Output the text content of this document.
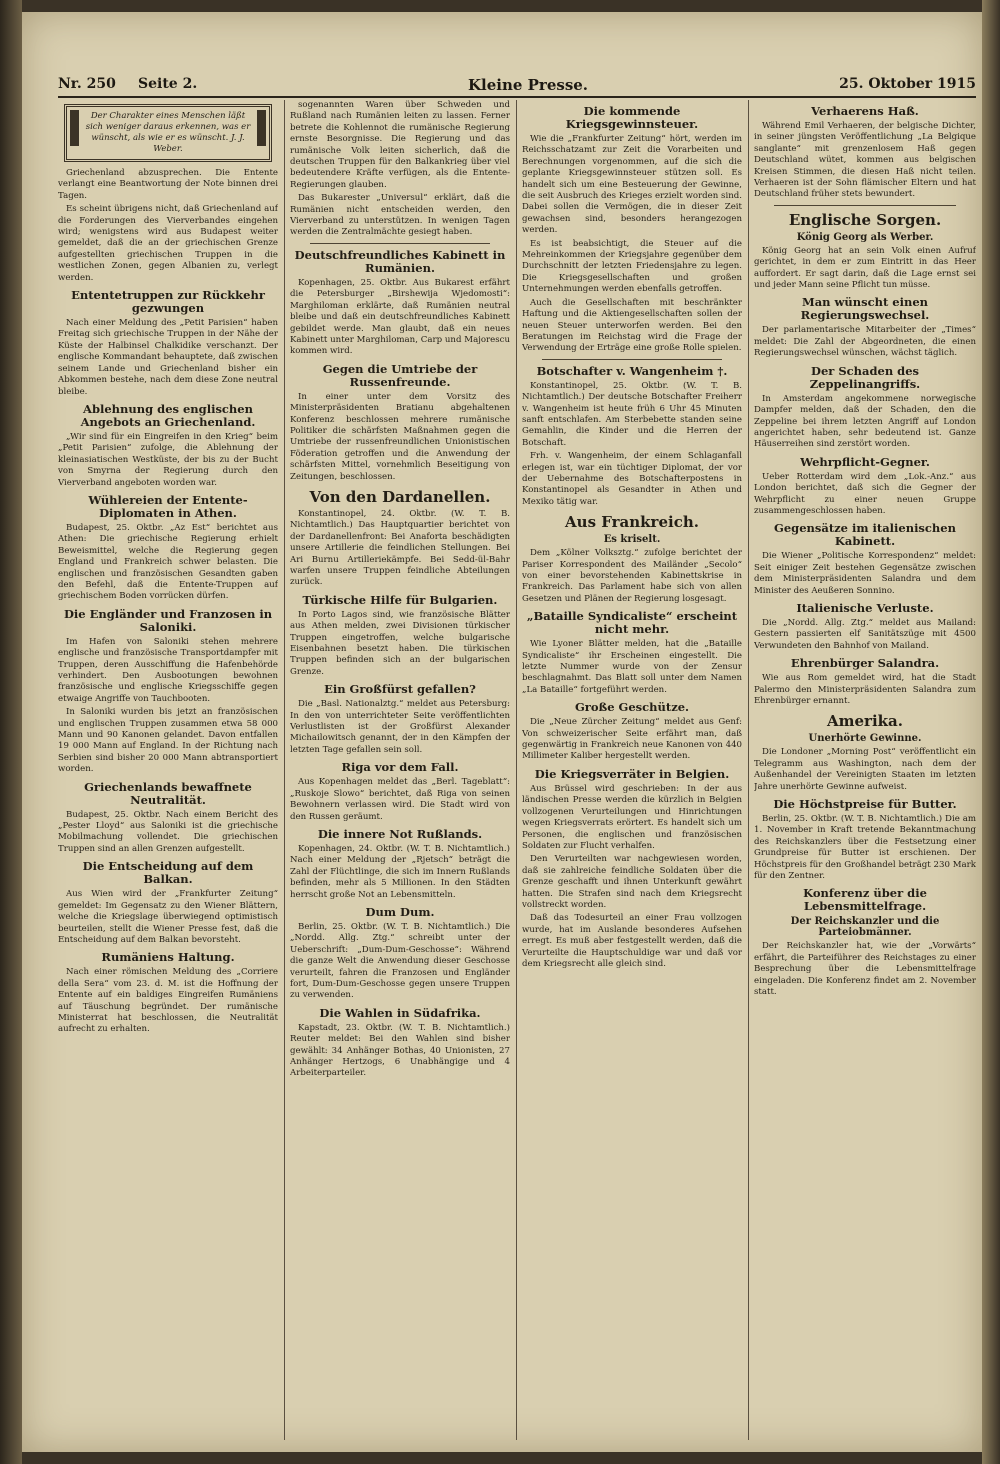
Nr. 250 Seite 2.	Kleine Presse.	25. Oktober 1915
Der Charakter eines Menschen läßt sich weniger daraus erkennen, was er wünscht, als wie er es wünscht. J. J. Weber.

Griechenland abzusprechen. Die Entente verlangt eine Beantwortung der Note binnen drei Tagen.

Es scheint übrigens nicht, daß Griechenland auf die Forderungen des Vierverbandes eingehen wird; wenigstens wird aus Budapest weiter gemeldet, daß die an der griechischen Grenze aufgestellten griechischen Truppen in die westlichen Zonen, gegen Albanien zu, verlegt werden.

Ententetruppen zur Rückkehr gezwungen

Nach einer Meldung des „Petit Parisien“ haben Freitag sich griechische Truppen in der Nähe der Küste der Halbinsel Chalkidike verschanzt. Der englische Kommandant behauptete, daß zwischen seinem Lande und Griechenland bisher ein Abkommen bestehe, nach dem diese Zone neutral bleibe.

Ablehnung des englischen Angebots an Griechenland.

„Wir sind für ein Eingreifen in den Krieg“ beim „Petit Parisien“ zufolge, die Ablehnung der kleinasiatischen Westküste, der bis zu der Bucht von Smyrna der Regierung durch den Vierverband angeboten worden war.

Wühlereien der Entente-Diplomaten in Athen.

Budapest, 25. Oktbr. „Az Est“ berichtet aus Athen: Die griechische Regierung erhielt Beweismittel, welche die Regierung gegen England und Frankreich schwer belasten. Die englischen und französischen Gesandten gaben den Befehl, daß die Entente-Truppen auf griechischem Boden vorrücken dürfen.

Die Engländer und Franzosen in Saloniki.

Im Hafen von Saloniki stehen mehrere englische und französische Transportdampfer mit Truppen, deren Ausschiffung die Hafenbehörde verhindert. Den Ausbootungen bewohnen französische und englische Kriegsschiffe gegen etwaige Angriffe von Tauchbooten.

In Saloniki wurden bis jetzt an französischen und englischen Truppen zusammen etwa 58 000 Mann und 90 Kanonen gelandet. Davon entfallen 19 000 Mann auf England. In der Richtung nach Serbien sind bisher 20 000 Mann abtransportiert worden.

Griechenlands bewaffnete Neutralität.

Budapest, 25. Oktbr. Nach einem Bericht des „Pester Lloyd“ aus Saloniki ist die griechische Mobilmachung vollendet. Die griechischen Truppen sind an allen Grenzen aufgestellt.

Die Entscheidung auf dem Balkan.

Aus Wien wird der „Frankfurter Zeitung“ gemeldet: Im Gegensatz zu den Wiener Blättern, welche die Kriegslage überwiegend optimistisch beurteilen, stellt die Wiener Presse fest, daß die Entscheidung auf dem Balkan bevorsteht.

Rumäniens Haltung.

Nach einer römischen Meldung des „Corriere della Sera“ vom 23. d. M. ist die Hoffnung der Entente auf ein baldiges Eingreifen Rumäniens auf Täuschung begründet. Der rumänische Ministerrat hat beschlossen, die Neutralität aufrecht zu erhalten.

sogenannten Waren über Schweden und Rußland nach Rumänien leiten zu lassen. Ferner betrete die Kohlennot die rumänische Regierung ernste Besorgnisse. Die Regierung und das rumänische Volk leiten sicherlich, daß die deutschen Truppen für den Balkankrieg über viel bedeutendere Kräfte verfügen, als die Entente-Regierungen glauben.

Das Bukarester „Universul“ erklärt, daß die Rumänien nicht entscheiden werden, den Vierverband zu unterstützen. In wenigen Tagen werden die Zentralmächte gesiegt haben.

Deutschfreundliches Kabinett in Rumänien.

Kopenhagen, 25. Oktbr. Aus Bukarest erfährt die Petersburger „Birshewija Wjedomosti“: Marghiloman erklärte, daß Rumänien neutral bleibe und daß ein deutschfreundliches Kabinett gebildet werde. Man glaubt, daß ein neues Kabinett unter Marghiloman, Carp und Majorescu kommen wird.

Gegen die Umtriebe der Russenfreunde.

In einer unter dem Vorsitz des Ministerpräsidenten Bratianu abgehaltenen Konferenz beschlossen mehrere rumänische Politiker die schärfsten Maßnahmen gegen die Umtriebe der russenfreundlichen Unionistischen Föderation getroffen und die Anwendung der schärfsten Mittel, vornehmlich Beseitigung von Zeitungen, beschlossen.

Von den Dardanellen.

Konstantinopel, 24. Oktbr. (W. T. B. Nichtamtlich.) Das Hauptquartier berichtet von der Dardanellenfront: Bei Anaforta beschädigten unsere Artillerie die feindlichen Stellungen. Bei Ari Burnu Artilleriekämpfe. Bei Sedd-ül-Bahr warfen unsere Truppen feindliche Abteilungen zurück.

Türkische Hilfe für Bulgarien.

In Porto Lagos sind, wie französische Blätter aus Athen melden, zwei Divisionen türkischer Truppen eingetroffen, welche bulgarische Eisenbahnen besetzt haben. Die türkischen Truppen befinden sich an der bulgarischen Grenze.

Ein Großfürst gefallen?

Die „Basl. Nationalztg.“ meldet aus Petersburg: In den von unterrichteter Seite veröffentlichten Verlustlisten ist der Großfürst Alexander Michailowitsch genannt, der in den Kämpfen der letzten Tage gefallen sein soll.

Riga vor dem Fall.

Aus Kopenhagen meldet das „Berl. Tageblatt“: „Ruskoje Slowo“ berichtet, daß Riga von seinen Bewohnern verlassen wird. Die Stadt wird von den Russen geräumt.

Die innere Not Rußlands.

Kopenhagen, 24. Oktbr. (W. T. B. Nichtamtlich.) Nach einer Meldung der „Rjetsch“ beträgt die Zahl der Flüchtlinge, die sich im Innern Rußlands befinden, mehr als 5 Millionen. In den Städten herrscht große Not an Lebensmitteln.

Dum Dum.

Berlin, 25. Oktbr. (W. T. B. Nichtamtlich.) Die „Nordd. Allg. Ztg.“ schreibt unter der Ueberschrift: „Dum-Dum-Geschosse“: Während die ganze Welt die Anwendung dieser Geschosse verurteilt, fahren die Franzosen und Engländer fort, Dum-Dum-Geschosse gegen unsere Truppen zu verwenden.

Die Wahlen in Südafrika.

Kapstadt, 23. Oktbr. (W. T. B. Nichtamtlich.) Reuter meldet: Bei den Wahlen sind bisher gewählt: 34 Anhänger Bothas, 40 Unionisten, 27 Anhänger Hertzogs, 6 Unabhängige und 4 Arbeiterparteiler.

Die kommende Kriegsgewinnsteuer.

Wie die „Frankfurter Zeitung“ hört, werden im Reichsschatzamt zur Zeit die Vorarbeiten und Berechnungen vorgenommen, auf die sich die geplante Kriegsgewinnsteuer stützen soll. Es handelt sich um eine Besteuerung der Gewinne, die seit Ausbruch des Krieges erzielt worden sind. Dabei sollen die Vermögen, die in dieser Zeit gewachsen sind, besonders herangezogen werden.

Es ist beabsichtigt, die Steuer auf die Mehreinkommen der Kriegsjahre gegenüber dem Durchschnitt der letzten Friedensjahre zu legen. Die Kriegsgesellschaften und großen Unternehmungen werden ebenfalls getroffen.

Auch die Gesellschaften mit beschränkter Haftung und die Aktiengesellschaften sollen der neuen Steuer unterworfen werden. Bei den Beratungen im Reichstag wird die Frage der Verwendung der Erträge eine große Rolle spielen.

Botschafter v. Wangenheim †.

Konstantinopel, 25. Oktbr. (W. T. B. Nichtamtlich.) Der deutsche Botschafter Freiherr v. Wangenheim ist heute früh 6 Uhr 45 Minuten sanft entschlafen. Am Sterbebette standen seine Gemahlin, die Kinder und die Herren der Botschaft.

Frh. v. Wangenheim, der einem Schlaganfall erlegen ist, war ein tüchtiger Diplomat, der vor der Uebernahme des Botschafterpostens in Konstantinopel als Gesandter in Athen und Mexiko tätig war.

Aus Frankreich.
Es kriselt.

Dem „Kölner Volksztg.“ zufolge berichtet der Pariser Korrespondent des Mailänder „Secolo“ von einer bevorstehenden Kabinettskrise in Frankreich. Das Parlament habe sich von allen Gesetzen und Plänen der Regierung losgesagt.

„Bataille Syndicaliste“ erscheint nicht mehr.

Wie Lyoner Blätter melden, hat die „Bataille Syndicaliste“ ihr Erscheinen eingestellt. Die letzte Nummer wurde von der Zensur beschlagnahmt. Das Blatt soll unter dem Namen „La Bataille“ fortgeführt werden.

Große Geschütze.

Die „Neue Zürcher Zeitung“ meldet aus Genf: Von schweizerischer Seite erfährt man, daß gegenwärtig in Frankreich neue Kanonen von 440 Millimeter Kaliber hergestellt werden.

Die Kriegsverräter in Belgien.

Aus Brüssel wird geschrieben: In der aus ländischen Presse werden die kürzlich in Belgien vollzogenen Verurteilungen und Hinrichtungen wegen Kriegsverrats erörtert. Es handelt sich um Personen, die englischen und französischen Soldaten zur Flucht verhalfen.

Den Verurteilten war nachgewiesen worden, daß sie zahlreiche feindliche Soldaten über die Grenze geschafft und ihnen Unterkunft gewährt hatten. Die Strafen sind nach dem Kriegsrecht vollstreckt worden.

Daß das Todesurteil an einer Frau vollzogen wurde, hat im Auslande besonderes Aufsehen erregt. Es muß aber festgestellt werden, daß die Verurteilte die Hauptschuldige war und daß vor dem Kriegsrecht alle gleich sind.

Verhaerens Haß.

Während Emil Verhaeren, der belgische Dichter, in seiner jüngsten Veröffentlichung „La Belgique sanglante“ mit grenzenlosem Haß gegen Deutschland wütet, kommen aus belgischen Kreisen Stimmen, die diesen Haß nicht teilen. Verhaeren ist der Sohn flämischer Eltern und hat Deutschland früher stets bewundert.

Englische Sorgen.
König Georg als Werber.

König Georg hat an sein Volk einen Aufruf gerichtet, in dem er zum Eintritt in das Heer auffordert. Er sagt darin, daß die Lage ernst sei und jeder Mann seine Pflicht tun müsse.

Man wünscht einen Regierungswechsel.

Der parlamentarische Mitarbeiter der „Times“ meldet: Die Zahl der Abgeordneten, die einen Regierungswechsel wünschen, wächst täglich.

Der Schaden des Zeppelinangriffs.

In Amsterdam angekommene norwegische Dampfer melden, daß der Schaden, den die Zeppeline bei ihrem letzten Angriff auf London angerichtet haben, sehr bedeutend ist. Ganze Häuserreihen sind zerstört worden.

Wehrpflicht-Gegner.

Ueber Rotterdam wird dem „Lok.-Anz.“ aus London berichtet, daß sich die Gegner der Wehrpflicht zu einer neuen Gruppe zusammengeschlossen haben.

Gegensätze im italienischen Kabinett.

Die Wiener „Politische Korrespondenz“ meldet: Seit einiger Zeit bestehen Gegensätze zwischen dem Ministerpräsidenten Salandra und dem Minister des Aeußeren Sonnino.

Italienische Verluste.

Die „Nordd. Allg. Ztg.“ meldet aus Mailand: Gestern passierten elf Sanitätszüge mit 4500 Verwundeten den Bahnhof von Mailand.

Ehrenbürger Salandra.

Wie aus Rom gemeldet wird, hat die Stadt Palermo den Ministerpräsidenten Salandra zum Ehrenbürger ernannt.

Amerika.
Unerhörte Gewinne.

Die Londoner „Morning Post“ veröffentlicht ein Telegramm aus Washington, nach dem der Außenhandel der Vereinigten Staaten im letzten Jahre unerhörte Gewinne aufweist.

Die Höchstpreise für Butter.

Berlin, 25. Oktbr. (W. T. B. Nichtamtlich.) Die am 1. November in Kraft tretende Bekanntmachung des Reichskanzlers über die Festsetzung einer Grundpreise für Butter ist erschienen. Der Höchstpreis für den Großhandel beträgt 230 Mark für den Zentner.

Konferenz über die Lebensmittelfrage.
Der Reichskanzler und die Parteiobmänner.

Der Reichskanzler hat, wie der „Vorwärts“ erfährt, die Parteiführer des Reichstages zu einer Besprechung über die Lebensmittelfrage eingeladen. Die Konferenz findet am 2. November statt.
